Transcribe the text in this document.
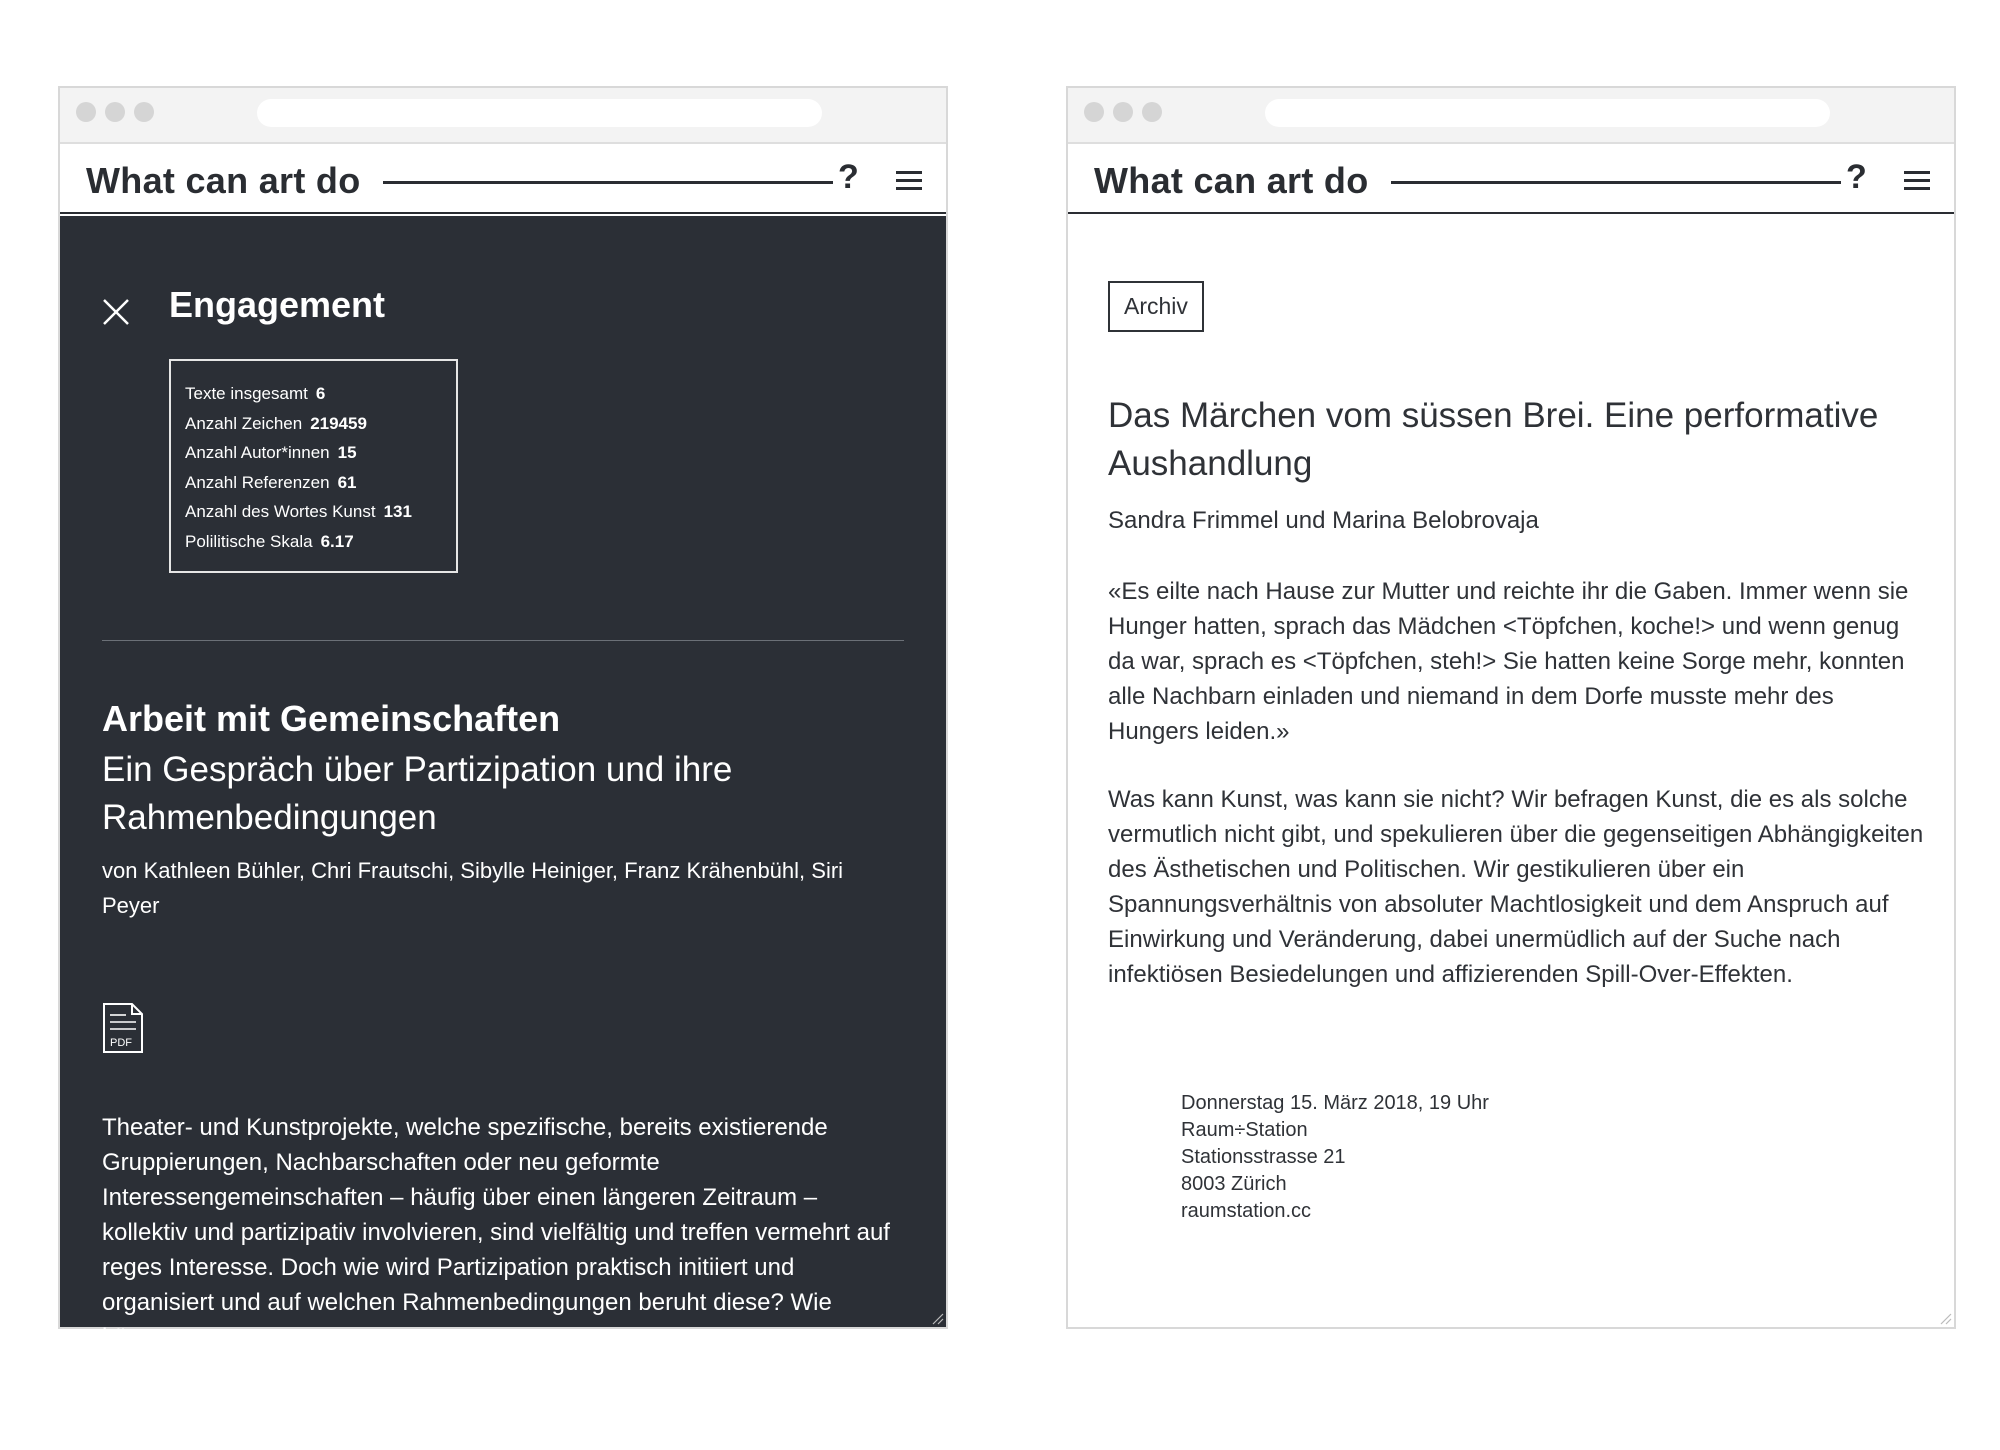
What can art do	?
Engagement
Texte insgesamt 6
Anzahl Zeichen 219459
Anzahl Autor*innen 15
Anzahl Referenzen 61
Anzahl des Wortes Kunst 131
Polilitische Skala 6.17
Arbeit mit Gemeinschaften
Ein Gespräch über Partizipation und ihre Rahmenbedingungen
von Kathleen Bühler, Chri Frautschi, Sibylle Heiniger, Franz Krähenbühl, Siri Peyer
PDF
Theater- und Kunstprojekte, welche spezifische, bereits existierende Gruppierungen, Nachbarschaften oder neu geformte Interessengemeinschaften – häufig über einen längeren Zeitraum – kollektiv und partizipativ involvieren, sind vielfältig und treffen vermehrt auf reges Interesse. Doch wie wird Partizipation praktisch initiiert und organisiert und auf welchen Rahmenbedingungen beruht diese? Wie können
What can art do	?
Archiv
Das Märchen vom süssen Brei. Eine performative Aushandlung
Sandra Frimmel und Marina Belobrovaja
«Es eilte nach Hause zur Mutter und reichte ihr die Gaben. Immer wenn sie Hunger hatten, sprach das Mädchen <Töpfchen, koche!> und wenn genug da war, sprach es <Töpfchen, steh!> Sie hatten keine Sorge mehr, konnten alle Nachbarn einladen und niemand in dem Dorfe musste mehr des Hungers leiden.»
Was kann Kunst, was kann sie nicht? Wir befragen Kunst, die es als solche vermutlich nicht gibt, und spekulieren über die gegenseitigen Abhängigkeiten des Ästhetischen und Politischen. Wir gestikulieren über ein Spannungsverhältnis von absoluter Machtlosigkeit und dem Anspruch auf Einwirkung und Veränderung, dabei unermüdlich auf der Suche nach infektiösen Besiedelungen und affizierenden Spill-Over-Effekten.
Donnerstag 15. März 2018, 19 Uhr
Raum÷Station
Stationsstrasse 21
8003 Zürich
raumstation.cc
